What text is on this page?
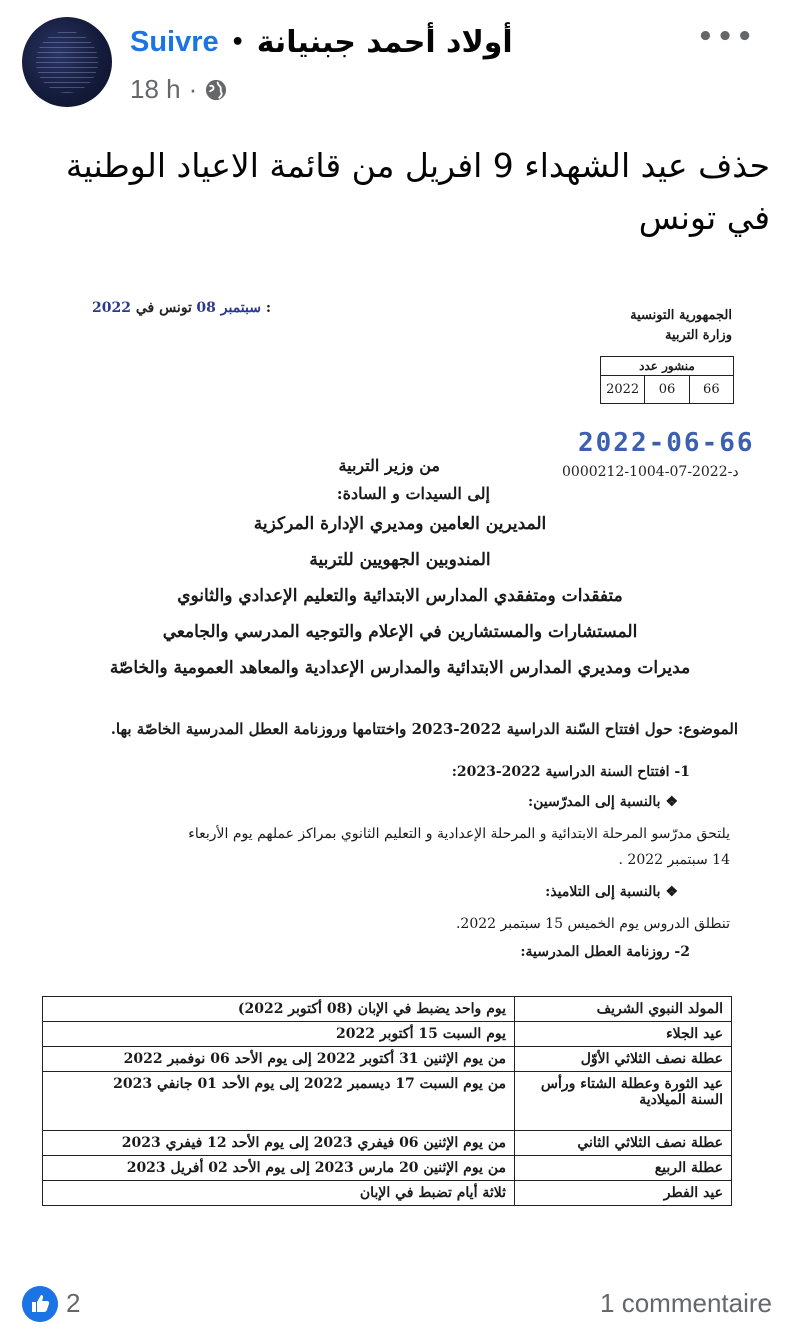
Suivre • أولاد أحمد جبنيانة	•••
18 h ·
حذف عيد الشهداء 9 افريل من قائمة الاعياد الوطنية في تونس
2022 سبتمبر 08 تونس في :	الجمهورية التونسية
وزارة التربية
منشور عدد
2022	06	66
2022-06-66
0000212-1004-07-2022-د
من وزير التربية
إلى السيدات و السادة:
المديرين العامين ومديري الإدارة المركزية
المندوبين الجهويين للتربية
متفقدات ومتفقدي المدارس الابتدائية والتعليم الإعدادي والثانوي
المستشارات والمستشارين في الإعلام والتوجيه المدرسي والجامعي
مديرات ومديري المدارس الابتدائية والمدارس الإعدادية والمعاهد العمومية والخاصّة
الموضوع: حول افتتاح السّنة الدراسية 2022-2023 واختتامها وروزنامة العطل المدرسية الخاصّة بها.
1- افتتاح السنة الدراسية 2022-2023:
❖ بالنسبة إلى المدرّسين:
يلتحق مدرّسو المرحلة الابتدائية و المرحلة الإعدادية و التعليم الثانوي بمراكز عملهم يوم الأربعاء
14 سبتمبر 2022 .
❖ بالنسبة إلى التلاميذ:
تنطلق الدروس يوم الخميس 15 سبتمبر 2022.
2- روزنامة العطل المدرسية:
المولد النبوي الشريف	يوم واحد يضبط في الإبان (08 أكتوبر 2022)
عيد الجلاء	يوم السبت 15 أكتوبر 2022
عطلة نصف الثلاثي الأوّل	من يوم الإثنين 31 أكتوبر 2022 إلى يوم الأحد 06 نوفمبر 2022
عيد الثورة وعطلة الشتاء ورأس السنة الميلادية	من يوم السبت 17 ديسمبر 2022 إلى يوم الأحد 01 جانفي 2023
عطلة نصف الثلاثي الثاني	من يوم الإثنين 06 فيفري 2023 إلى يوم الأحد 12 فيفري 2023
عطلة الربيع	من يوم الإثنين 20 مارس 2023 إلى يوم الأحد 02 أفريل 2023
عيد الفطر	ثلاثة أيام تضبط في الإبان
2	1 commentaire
